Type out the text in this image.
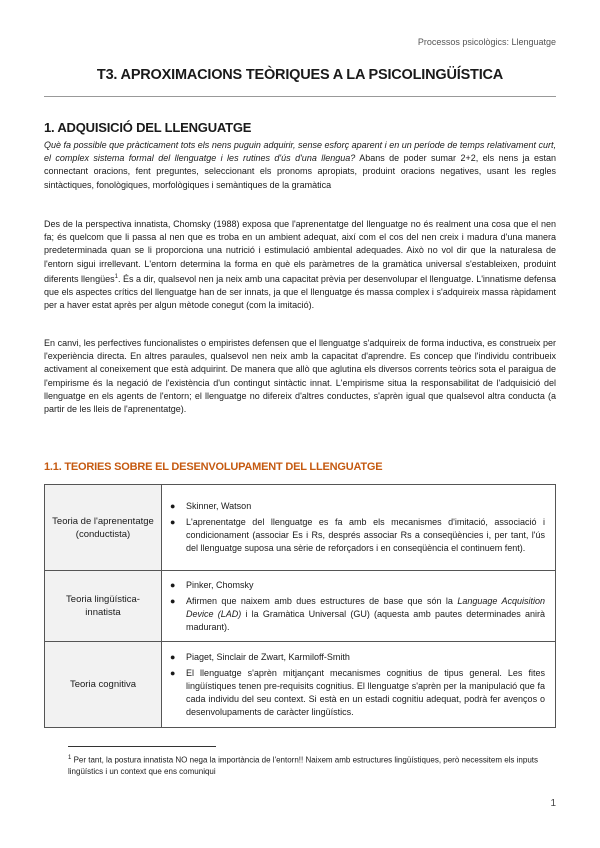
Processos psicològics: Llenguatge
T3. APROXIMACIONS TEÒRIQUES A LA PSICOLINGÜÍSTICA
1. ADQUISICIÓ DEL LLENGUATGE
Què fa possible que pràcticament tots els nens puguin adquirir, sense esforç aparent i en un període de temps relativament curt, el complex sistema formal del llenguatge i les rutines d'ús d'una llengua? Abans de poder sumar 2+2, els nens ja estan connectant oracions, fent preguntes, seleccionant els pronoms apropiats, produint oracions negatives, usant les regles sintàctiques, fonològiques, morfològiques i semàntiques de la gramàtica
Des de la perspectiva innatista, Chomsky (1988) exposa que l'aprenentatge del llenguatge no és realment una cosa que el nen fa; és quelcom que li passa al nen que es troba en un ambient adequat, així com el cos del nen creix i madura d'una manera predeterminada quan se li proporciona una nutrició i estimulació ambiental adequades. Això no vol dir que la naturalesa de l'entorn sigui irrellevant. L'entorn determina la forma en què els paràmetres de la gramàtica universal s'estableixen, produint diferents llengües$^1$. És a dir, qualsevol nen ja neix amb una capacitat prèvia per desenvolupar el llenguatge. L'innatisme defensa que els aspectes crítics del llenguatge han de ser innats, ja que el llenguatge és massa complex i s'adquireix massa ràpidament per a haver estat après per algun mètode conegut (com la imitació).
En canvi, les perfectives funcionalistes o empiristes defensen que el llenguatge s'adquireix de forma inductiva, es construeix per l'experiència directa. En altres paraules, qualsevol nen neix amb la capacitat d'aprendre. Es concep que l'individu contribueix activament al coneixement que està adquirint. De manera que allò que aglutina els diversos corrents teòrics sota el paraigua de l'empirisme és la negació de l'existència d'un contingut sintàctic innat. L'empirisme situa la responsabilitat de l'adquisició del llenguatge en els agents de l'entorn; el llenguatge no difereix d'altres conductes, s'aprèn igual que qualsevol altra conducta (a partir de les lleis de l'aprenentatge).
1.1. TEORIES SOBRE EL DESENVOLUPAMENT DEL LLENGUATGE
Teoria de l'aprenentatge (conductista)	● Skinner, Watson
● L'aprenentatge del llenguatge es fa amb els mecanismes d'imitació, associació i condicionament (associar Es i Rs, després associar Rs a conseqüències i, per tant, l'ús del llenguatge suposa una sèrie de reforçadors i en conseqüència el continuem fent).

Teoria lingüística-innatista	● Pinker, Chomsky
● Afirmen que naixem amb dues estructures de base que són la Language Acquisition Device (LAD) i la Gramàtica Universal (GU) (aquesta amb pautes determinades anirà madurant).

Teoria cognitiva	● Piaget, Sinclair de Zwart, Karmiloff-Smith
● El llenguatge s'aprèn mitjançant mecanismes cognitius de tipus general. Les fites lingüístiques tenen pre-requisits cognitius. El llenguatge s'aprèn per la manipulació que fa cada individu del seu context. Si està en un estadi cognitiu adequat, podrà fer avenços o desenvolupaments de caràcter lingüístics.
$^1$ Per tant, la postura innatista NO nega la importància de l'entorn!! Naixem amb estructures lingüístiques, però necessitem els inputs lingüístics i un context que ens comuniqui
1
